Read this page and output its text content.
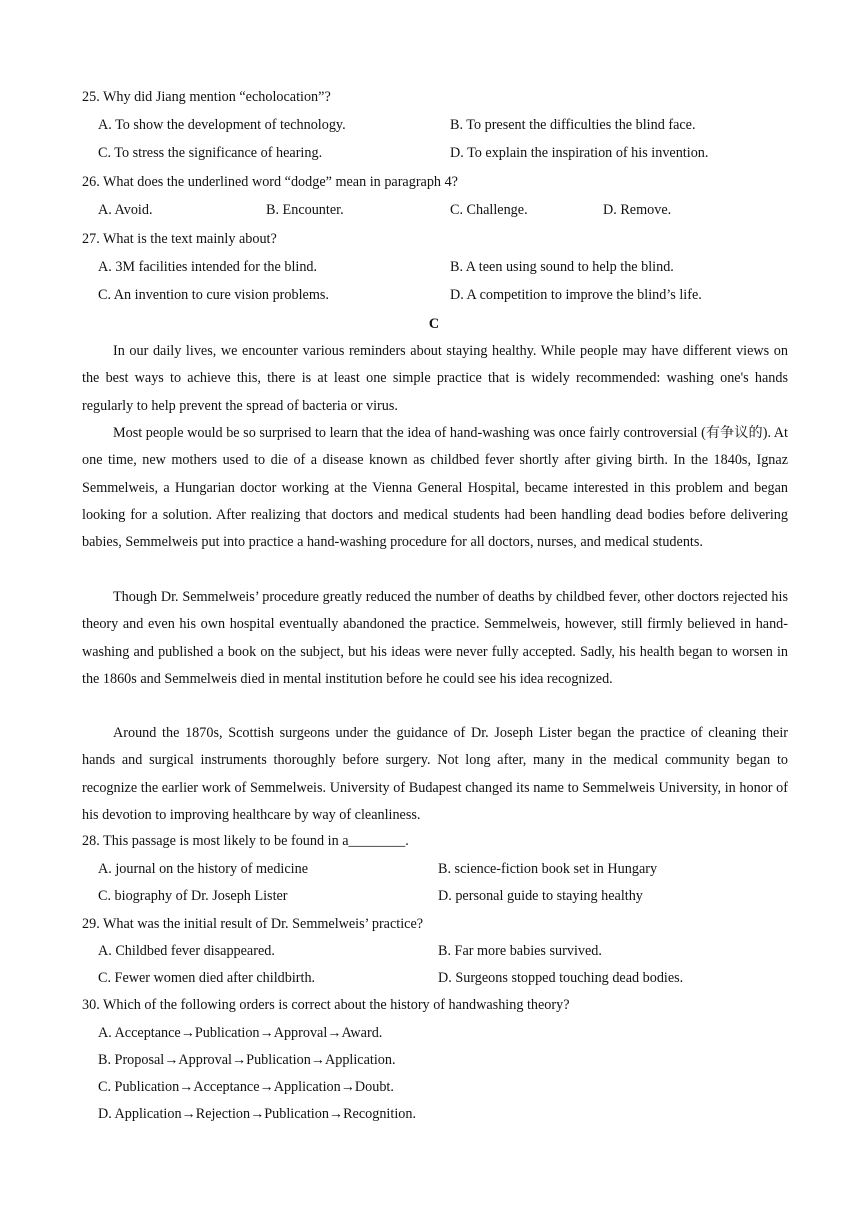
25. Why did Jiang mention “echolocation”?
A. To show the development of technology.	B. To present the difficulties the blind face.
C. To stress the significance of hearing.	D. To explain the inspiration of his invention.
26. What does the underlined word “dodge” mean in paragraph 4?
A. Avoid.	B. Encounter.	C. Challenge.	D. Remove.
27. What is the text mainly about?
A. 3M facilities intended for the blind.	B. A teen using sound to help the blind.
C. An invention to cure vision problems.	D. A competition to improve the blind’s life.
C
In our daily lives, we encounter various reminders about staying healthy. While people may have different views on the best ways to achieve this, there is at least one simple practice that is widely recommended: washing one's hands regularly to help prevent the spread of bacteria or virus.
Most people would be so surprised to learn that the idea of hand-washing was once fairly controversial (有争议的). At one time, new mothers used to die of a disease known as childbed fever shortly after giving birth. In the 1840s, Ignaz Semmelweis, a Hungarian doctor working at the Vienna General Hospital, became interested in this problem and began looking for a solution. After realizing that doctors and medical students had been handling dead bodies before delivering babies, Semmelweis put into practice a hand-washing procedure for all doctors, nurses, and medical students.
Though Dr. Semmelweis’ procedure greatly reduced the number of deaths by childbed fever, other doctors rejected his theory and even his own hospital eventually abandoned the practice. Semmelweis, however, still firmly believed in hand-washing and published a book on the subject, but his ideas were never fully accepted. Sadly, his health began to worsen in the 1860s and Semmelweis died in mental institution before he could see his idea recognized.
Around the 1870s, Scottish surgeons under the guidance of Dr. Joseph Lister began the practice of cleaning their hands and surgical instruments thoroughly before surgery. Not long after, many in the medical community began to recognize the earlier work of Semmelweis. University of Budapest changed its name to Semmelweis University, in honor of his devotion to improving healthcare by way of cleanliness.
28. This passage is most likely to be found in a________.
A. journal on the history of medicine	B. science-fiction book set in Hungary
C. biography of Dr. Joseph Lister	D. personal guide to staying healthy
29. What was the initial result of Dr. Semmelweis’ practice?
A. Childbed fever disappeared.	B. Far more babies survived.
C. Fewer women died after childbirth.	D. Surgeons stopped touching dead bodies.
30. Which of the following orders is correct about the history of handwashing theory?
A. Acceptance→Publication→Approval→Award.
B. Proposal→Approval→Publication→Application.
C. Publication→Acceptance→Application→Doubt.
D. Application→Rejection→Publication→Recognition.
